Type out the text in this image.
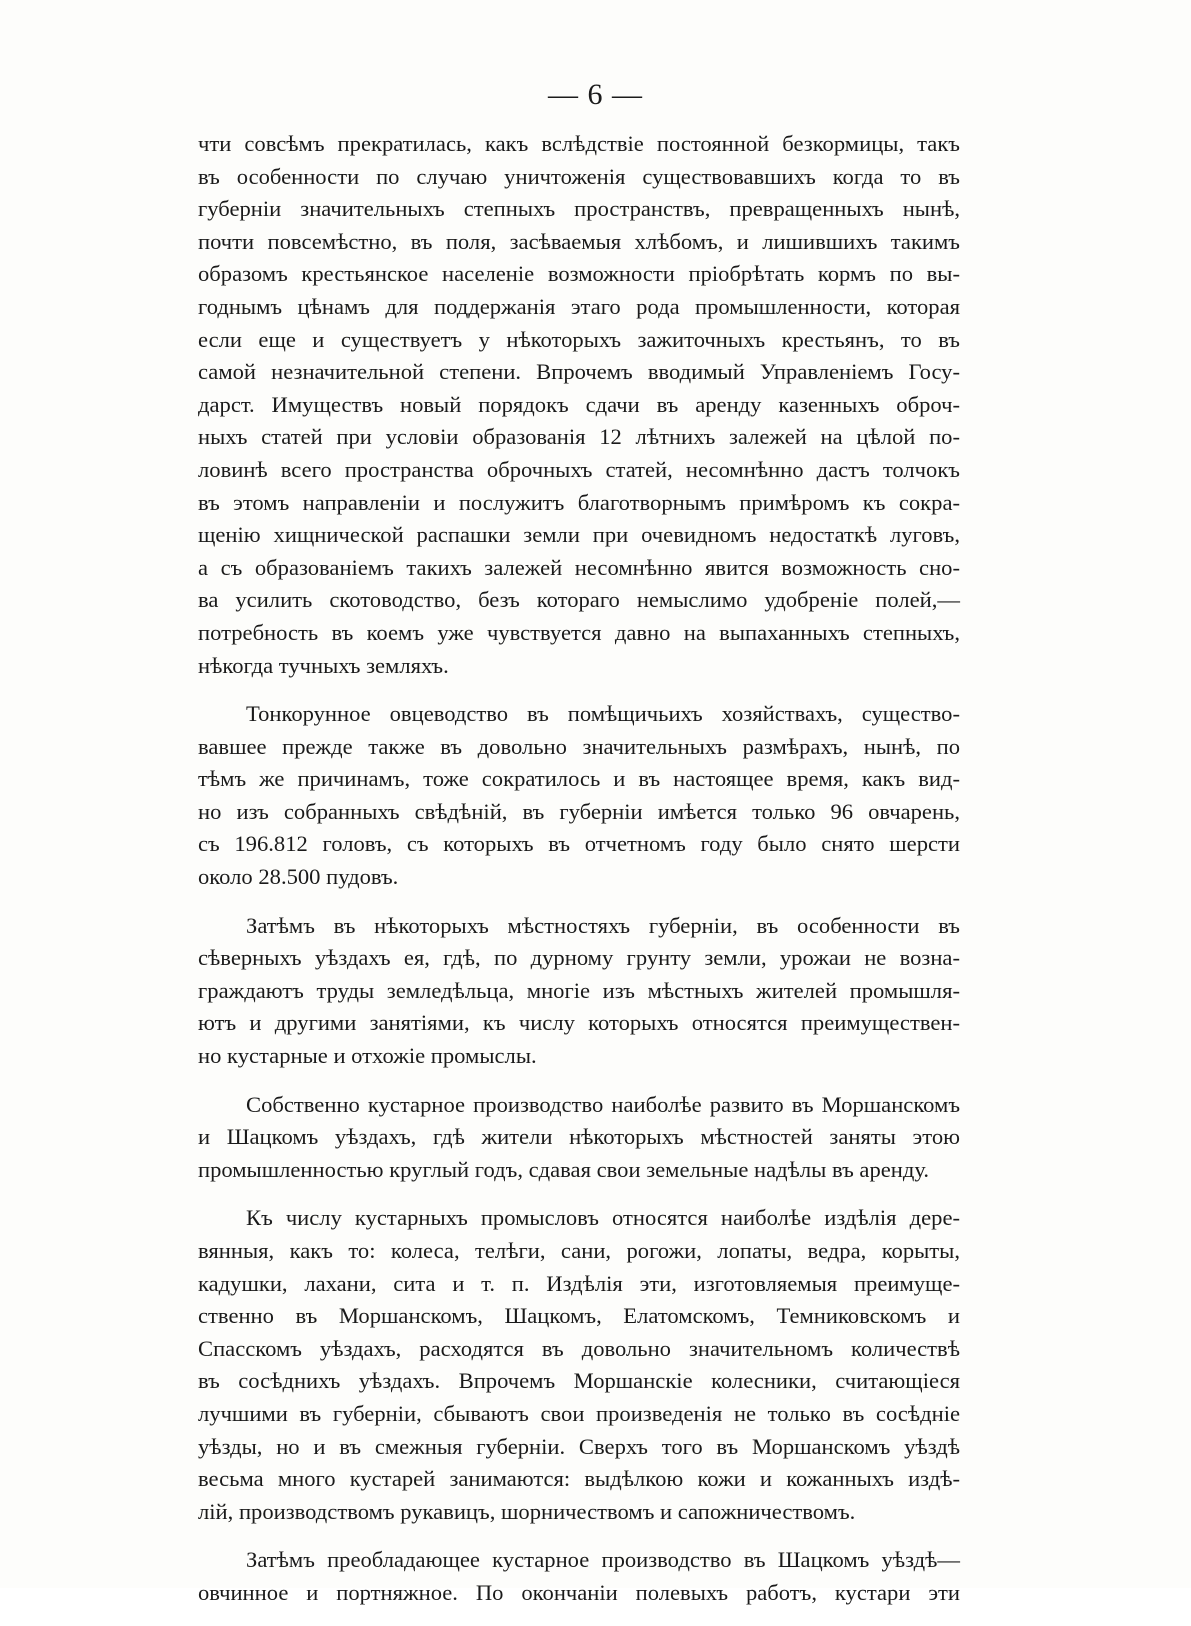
— 6 —
чти совсѣмъ прекратилась, какъ вслѣдствіе постоянной безкормицы, такъ
въ особенности по случаю уничтоженія существовавшихъ когда то въ
губерніи значительныхъ степныхъ пространствъ, превращенныхъ нынѣ,
почти повсемѣстно, въ поля, засѣваемыя хлѣбомъ, и лишившихъ такимъ
образомъ крестьянское населеніе возможности пріобрѣтать кормъ по вы-
годнымъ цѣнамъ для поддержанія этаго рода промышленности, которая
если еще и существуетъ у нѣкоторыхъ зажиточныхъ крестьянъ, то въ
самой незначительной степени. Впрочемъ вводимый Управленіемъ Госу-
дарст. Имуществъ новый порядокъ сдачи въ аренду казенныхъ оброч-
ныхъ статей при условіи образованія 12 лѣтнихъ залежей на цѣлой по-
ловинѣ всего пространства оброчныхъ статей, несомнѣнно дастъ толчокъ
въ этомъ направленіи и послужитъ благотворнымъ примѣромъ къ сокра-
щенію хищнической распашки земли при очевидномъ недостаткѣ луговъ,
а съ образованіемъ такихъ залежей несомнѣнно явится возможность сно-
ва усилить скотоводство, безъ котораго немыслимо удобреніе полей,—
потребность въ коемъ уже чувствуется давно на выпаханныхъ степныхъ,
нѣкогда тучныхъ земляхъ.
Тонкорунное овцеводство въ помѣщичьихъ хозяйствахъ, существо-
вавшее прежде также въ довольно значительныхъ размѣрахъ, нынѣ, по
тѣмъ же причинамъ, тоже сократилось и въ настоящее время, какъ вид-
но изъ собранныхъ свѣдѣній, въ губерніи имѣется только 96 овчарень,
съ 196.812 головъ, съ которыхъ въ отчетномъ году было снято шерсти
около 28.500 пудовъ.
Затѣмъ въ нѣкоторыхъ мѣстностяхъ губерніи, въ особенности въ
сѣверныхъ уѣздахъ ея, гдѣ, по дурному грунту земли, урожаи не возна-
граждаютъ труды земледѣльца, многіе изъ мѣстныхъ жителей промышля-
ютъ и другими занятіями, къ числу которыхъ относятся преимуществен-
но кустарные и отхожіе промыслы.
Собственно кустарное производство наиболѣе развито въ Моршанскомъ
и Шацкомъ уѣздахъ, гдѣ жители нѣкоторыхъ мѣстностей заняты этою
промышленностью круглый годъ, сдавая свои земельные надѣлы въ аренду.
Къ числу кустарныхъ промысловъ относятся наиболѣе издѣлія дере-
вянныя, какъ то: колеса, телѣги, сани, рогожи, лопаты, ведра, корыты,
кадушки, лахани, сита и т. п. Издѣлія эти, изготовляемыя преимуще-
ственно въ Моршанскомъ, Шацкомъ, Елатомскомъ, Темниковскомъ и
Спасскомъ уѣздахъ, расходятся въ довольно значительномъ количествѣ
въ сосѣднихъ уѣздахъ. Впрочемъ Моршанскіе колесники, считающіеся
лучшими въ губерніи, сбываютъ свои произведенія не только въ сосѣдніе
уѣзды, но и въ смежныя губерніи. Сверхъ того въ Моршанскомъ уѣздѣ
весьма много кустарей занимаются: выдѣлкою кожи и кожанныхъ издѣ-
лій, производствомъ рукавицъ, шорничествомъ и сапожничествомъ.
Затѣмъ преобладающее кустарное производство въ Шацкомъ уѣздѣ—
овчинное и портняжное. По окончаніи полевыхъ работъ, кустари эти
